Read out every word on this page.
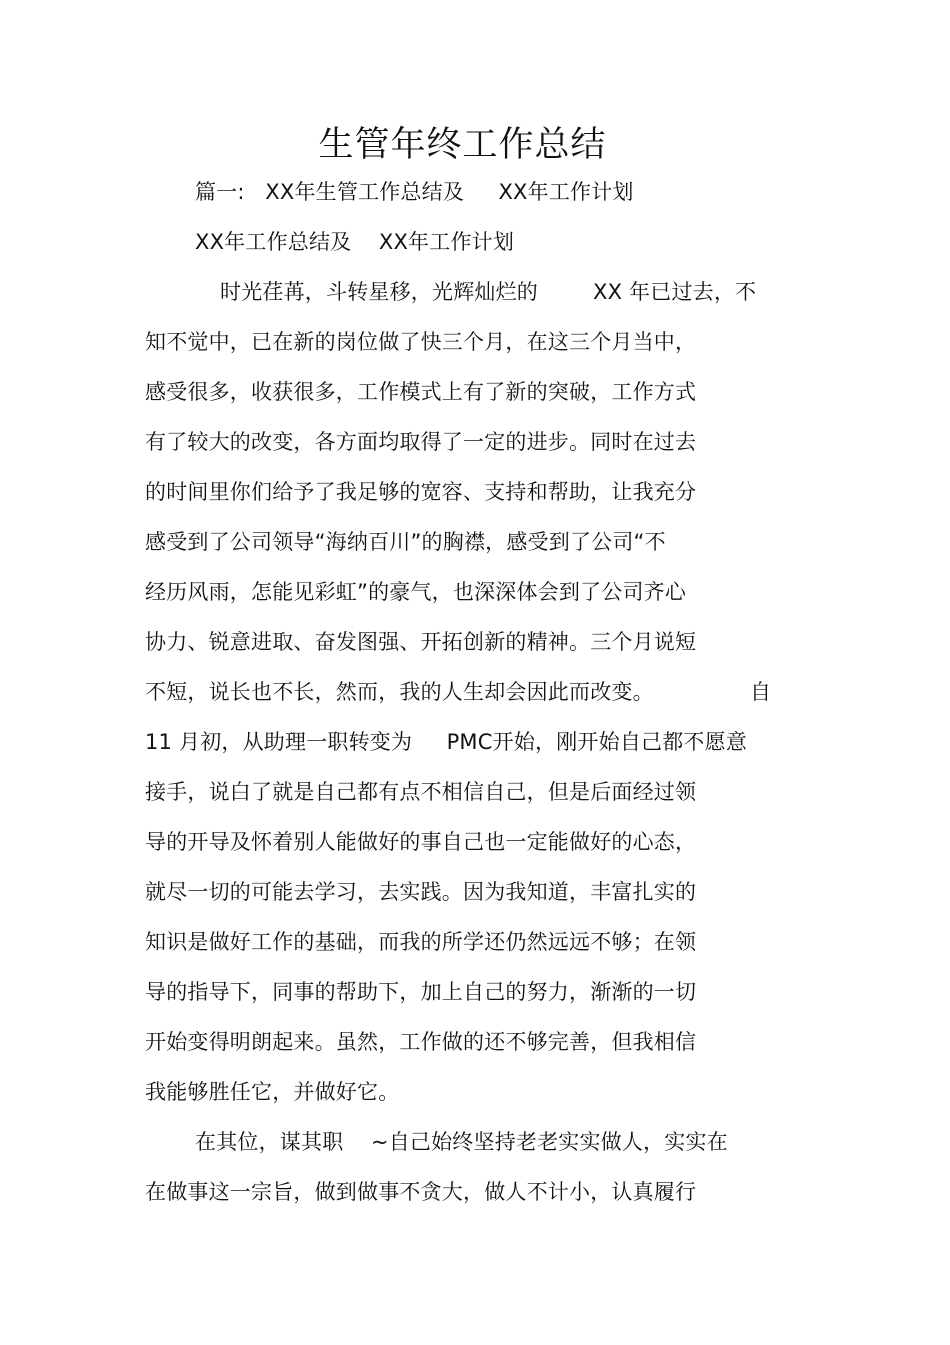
生管年终工作总结
篇一:   XX年生管工作总结及     XX年工作计划
XX年工作总结及    XX年工作计划
时光荏苒，斗转星移，光辉灿烂的        XX 年已过去，不
知不觉中，已在新的岗位做了快三个月，在这三个月当中，
感受很多，收获很多，工作模式上有了新的突破，工作方式
有了较大的改变，各方面均取得了一定的进步。同时在过去
的时间里你们给予了我足够的宽容、支持和帮助，让我充分
感受到了公司领导“海纳百川”的胸襟，感受到了公司“不
经历风雨，怎能见彩虹”的豪气，也深深体会到了公司齐心
协力、锐意进取、奋发图强、开拓创新的精神。三个月说短
不短，说长也不长，然而，我的人生却会因此而改变。              自
11 月初，从助理一职转变为     PMC开始，刚开始自己都不愿意
接手，说白了就是自己都有点不相信自己，但是后面经过领
导的开导及怀着别人能做好的事自己也一定能做好的心态，
就尽一切的可能去学习，去实践。因为我知道，丰富扎实的
知识是做好工作的基础，而我的所学还仍然远远不够；在领
导的指导下，同事的帮助下，加上自己的努力，渐渐的一切
开始变得明朗起来。虽然，工作做的还不够完善，但我相信
我能够胜任它，并做好它。
在其位，谋其职    ~自己始终坚持老老实实做人，实实在
在做事这一宗旨，做到做事不贪大，做人不计小，认真履行
